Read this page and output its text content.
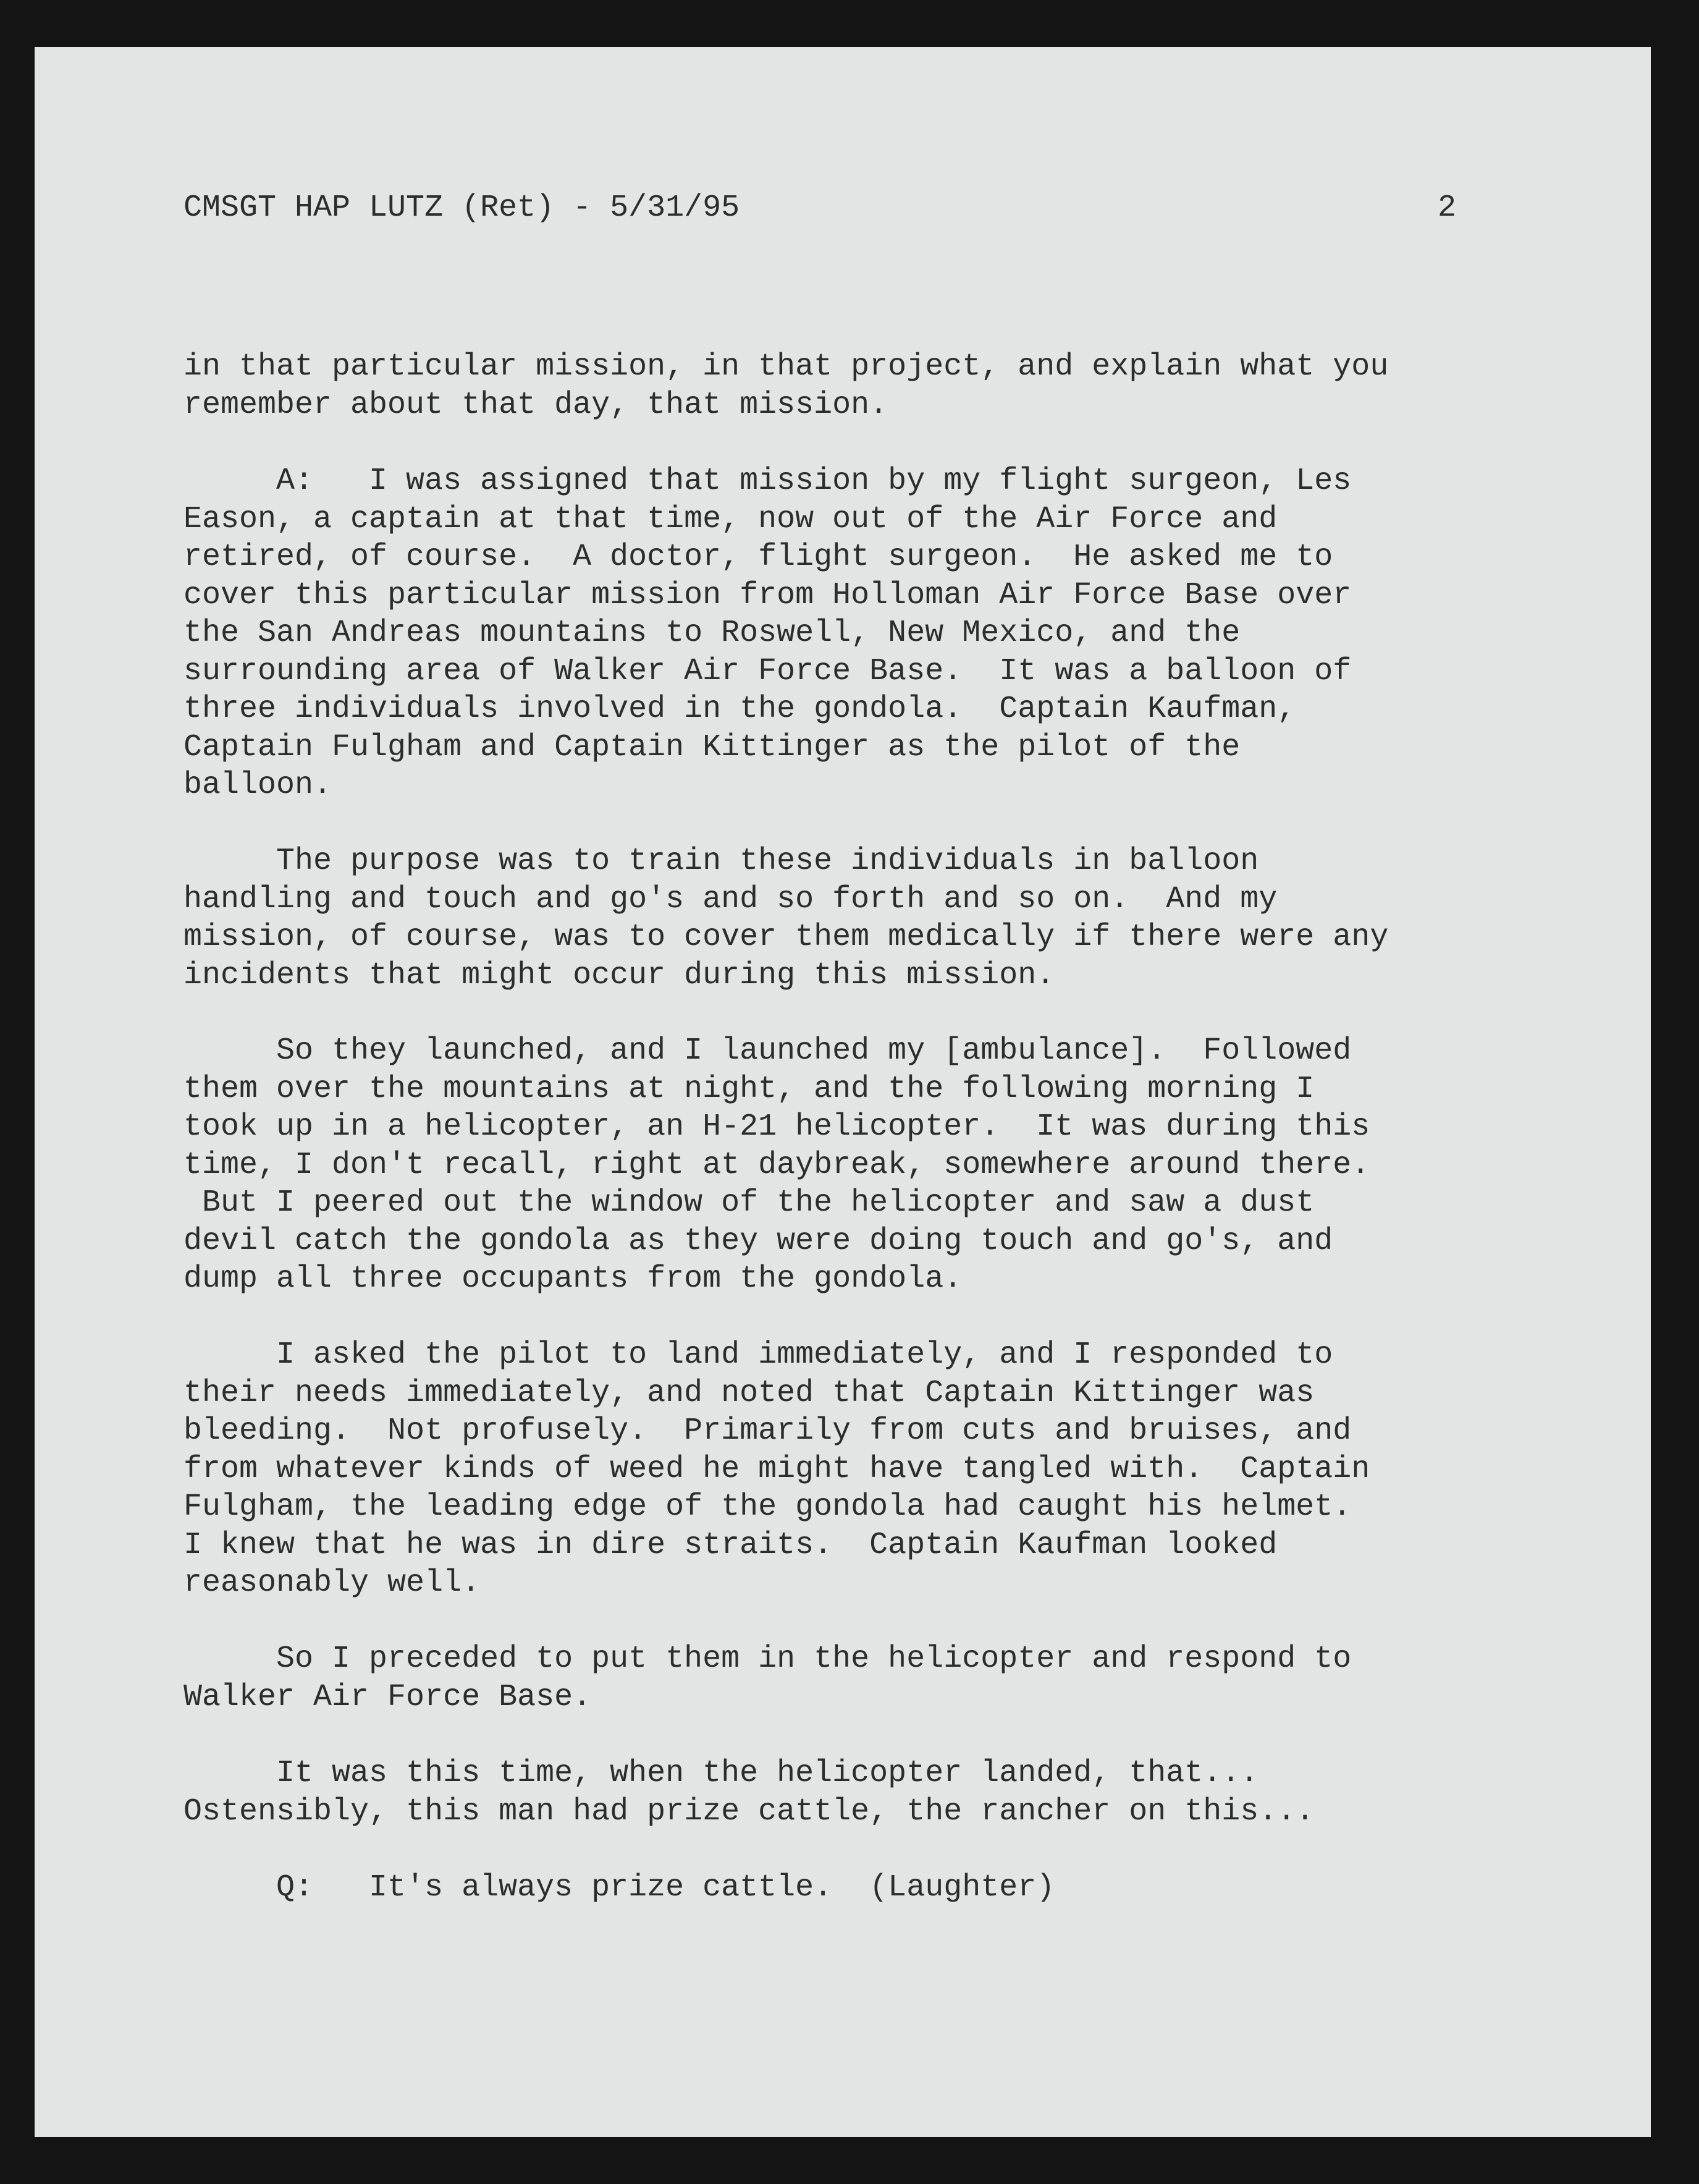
CMSGT HAP LUTZ (Ret) - 5/31/95	2
in that particular mission, in that project, and explain what you
remember about that day, that mission.
A:   I was assigned that mission by my flight surgeon, Les
Eason, a captain at that time, now out of the Air Force and
retired, of course.  A doctor, flight surgeon.  He asked me to
cover this particular mission from Holloman Air Force Base over
the San Andreas mountains to Roswell, New Mexico, and the
surrounding area of Walker Air Force Base.  It was a balloon of
three individuals involved in the gondola.  Captain Kaufman,
Captain Fulgham and Captain Kittinger as the pilot of the
balloon.
The purpose was to train these individuals in balloon
handling and touch and go's and so forth and so on.  And my
mission, of course, was to cover them medically if there were any
incidents that might occur during this mission.
So they launched, and I launched my [ambulance].  Followed
them over the mountains at night, and the following morning I
took up in a helicopter, an H-21 helicopter.  It was during this
time, I don't recall, right at daybreak, somewhere around there.
But I peered out the window of the helicopter and saw a dust
devil catch the gondola as they were doing touch and go's, and
dump all three occupants from the gondola.
I asked the pilot to land immediately, and I responded to
their needs immediately, and noted that Captain Kittinger was
bleeding.  Not profusely.  Primarily from cuts and bruises, and
from whatever kinds of weed he might have tangled with.  Captain
Fulgham, the leading edge of the gondola had caught his helmet.
I knew that he was in dire straits.  Captain Kaufman looked
reasonably well.
So I preceded to put them in the helicopter and respond to
Walker Air Force Base.
It was this time, when the helicopter landed, that...
Ostensibly, this man had prize cattle, the rancher on this...
Q:   It's always prize cattle.  (Laughter)
